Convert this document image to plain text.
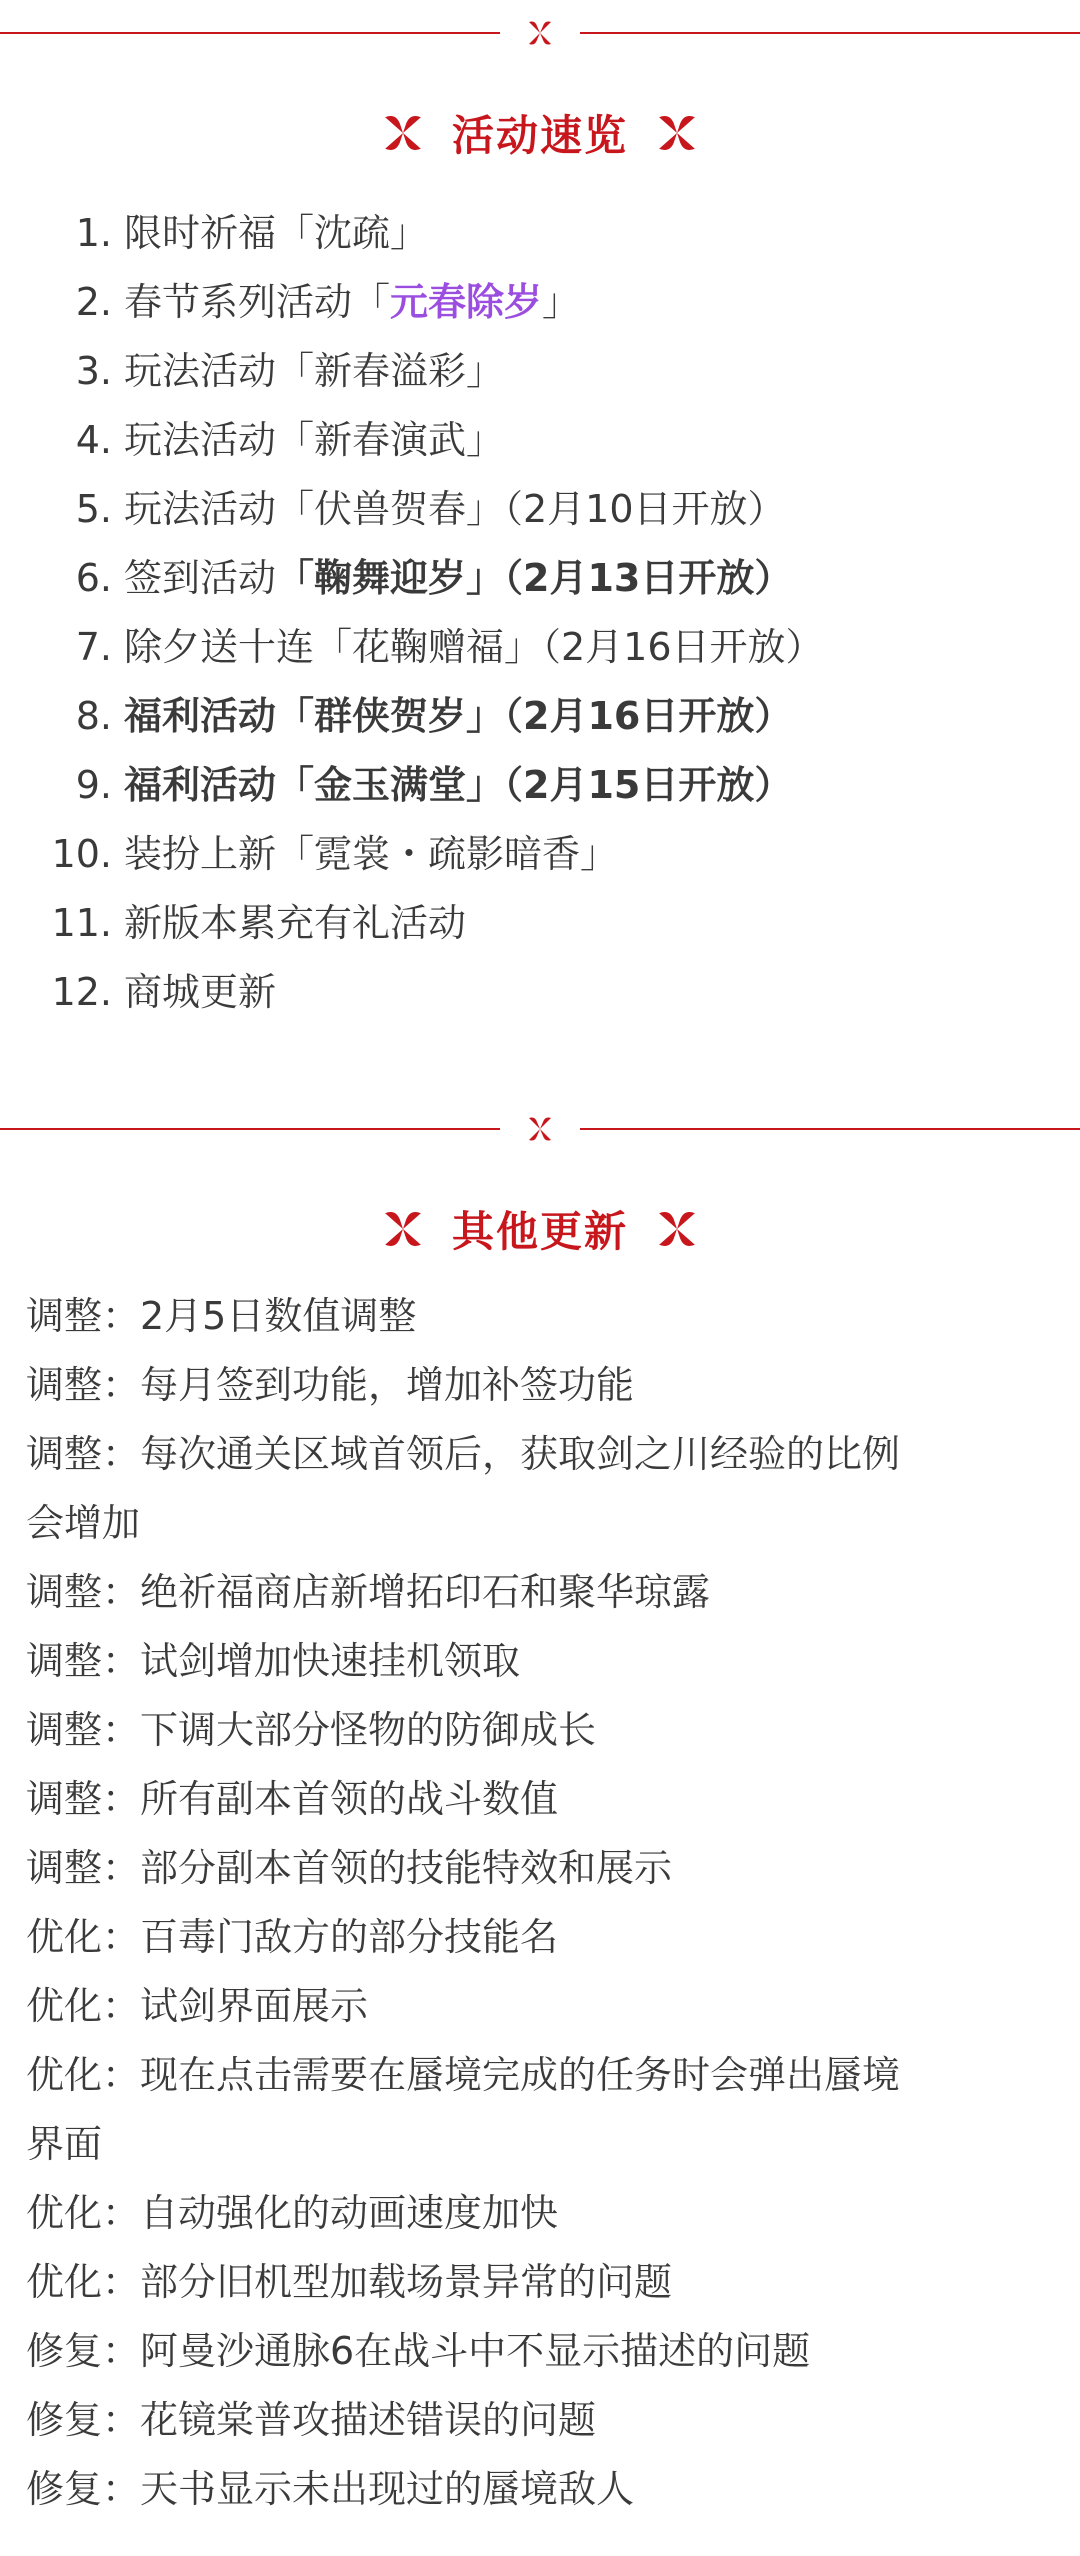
活动速览
1. 限时祈福「沈疏」
2. 春节系列活动「元春除岁」
3. 玩法活动「新春溢彩」
4. 玩法活动「新春演武」
5. 玩法活动「伏兽贺春」（2月10日开放）
6. 签到活动「鞠舞迎岁」（2月13日开放）
7. 除夕送十连「花鞠赠福」（2月16日开放）
8. 福利活动「群侠贺岁」（2月16日开放）
9. 福利活动「金玉满堂」（2月15日开放）
10. 装扮上新「霓裳・疏影暗香」
11. 新版本累充有礼活动
12. 商城更新
其他更新
调整：2月5日数值调整
调整：每月签到功能，增加补签功能
调整：每次通关区域首领后，获取剑之川经验的比例
会增加
调整：绝祈福商店新增拓印石和聚华琼露
调整：试剑增加快速挂机领取
调整：下调大部分怪物的防御成长
调整：所有副本首领的战斗数值
调整：部分副本首领的技能特效和展示
优化：百毒门敌方的部分技能名
优化：试剑界面展示
优化：现在点击需要在蜃境完成的任务时会弹出蜃境
界面
优化：自动强化的动画速度加快
优化：部分旧机型加载场景异常的问题
修复：阿曼沙通脉6在战斗中不显示描述的问题
修复：花镜棠普攻描述错误的问题
修复：天书显示未出现过的蜃境敌人
